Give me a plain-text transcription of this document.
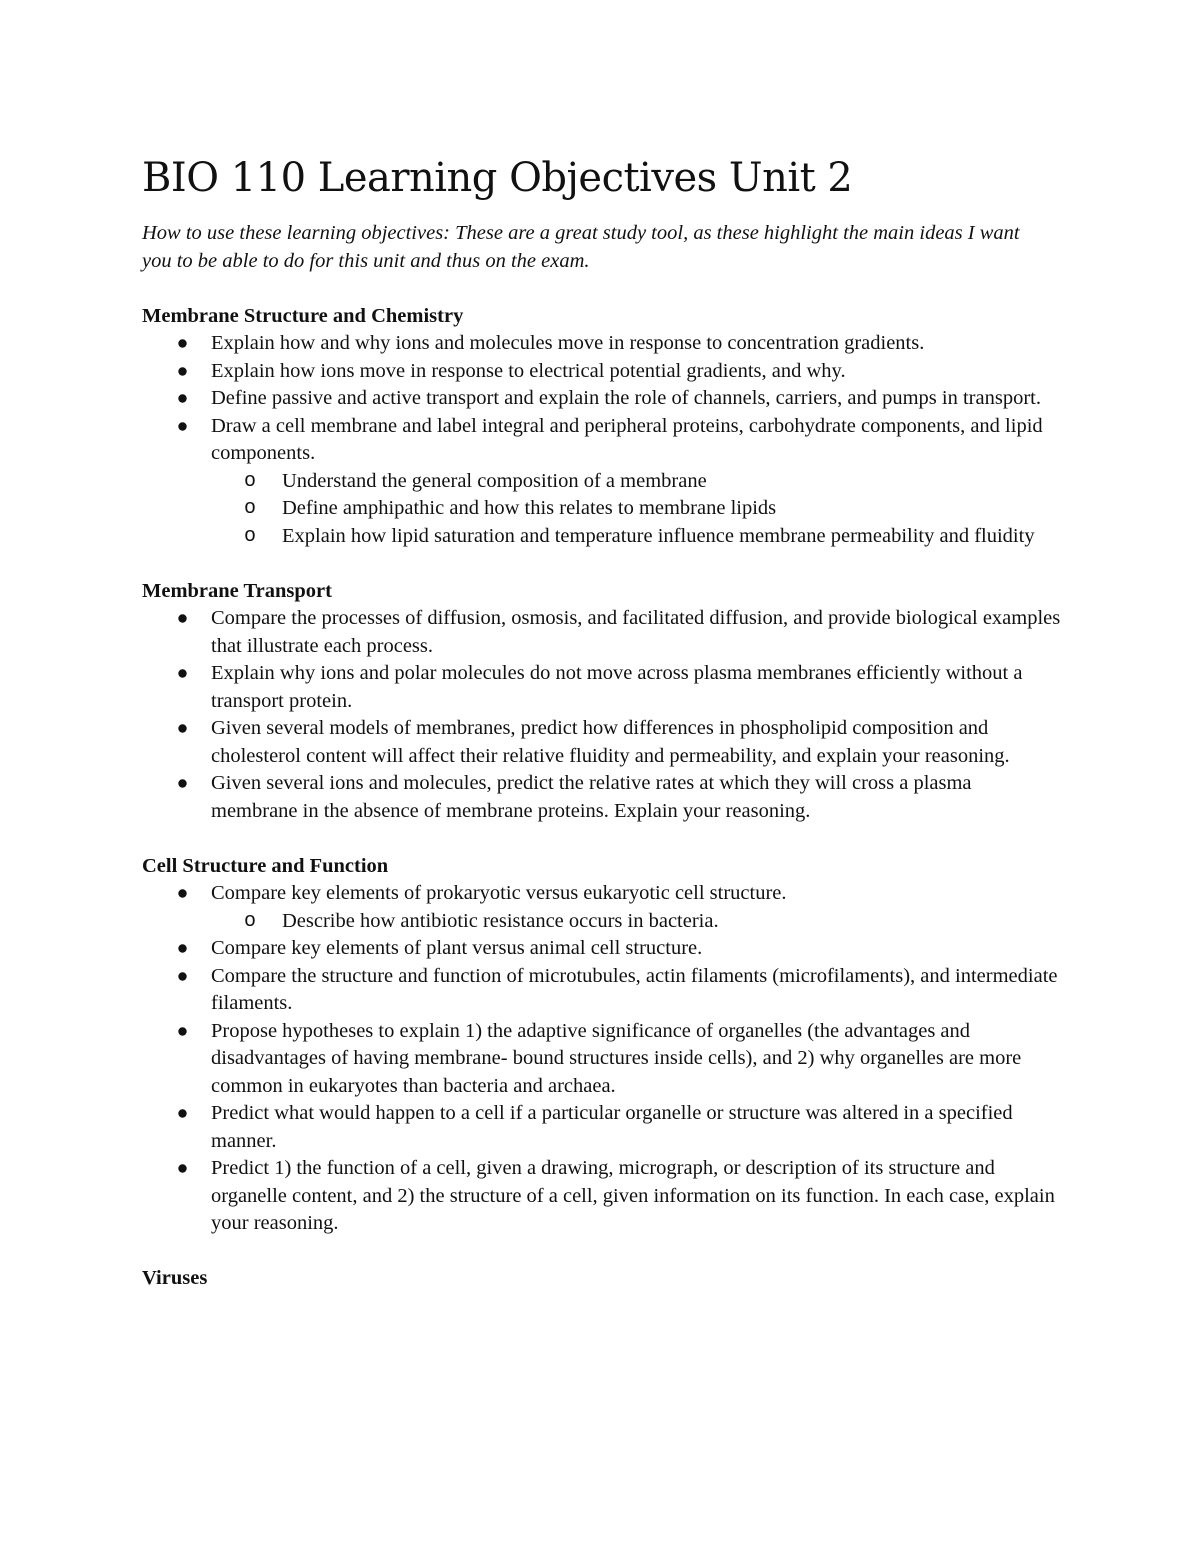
BIO 110 Learning Objectives Unit 2

How to use these learning objectives: These are a great study tool, as these highlight the main ideas I want you to be able to do for this unit and thus on the exam.

Membrane Structure and Chemistry

Explain how and why ions and molecules move in response to concentration gradients.
Explain how ions move in response to electrical potential gradients, and why.
Define passive and active transport and explain the role of channels, carriers, and pumps in transport.
Draw a cell membrane and label integral and peripheral proteins, carbohydrate components, and lipid components.
o Understand the general composition of a membrane
o Define amphipathic and how this relates to membrane lipids
o Explain how lipid saturation and temperature influence membrane permeability and fluidity

Membrane Transport

Compare the processes of diffusion, osmosis, and facilitated diffusion, and provide biological examples that illustrate each process.
Explain why ions and polar molecules do not move across plasma membranes efficiently without a transport protein.
Given several models of membranes, predict how differences in phospholipid composition and cholesterol content will affect their relative fluidity and permeability, and explain your reasoning.
Given several ions and molecules, predict the relative rates at which they will cross a plasma membrane in the absence of membrane proteins. Explain your reasoning.

Cell Structure and Function

Compare key elements of prokaryotic versus eukaryotic cell structure.
o Describe how antibiotic resistance occurs in bacteria.
Compare key elements of plant versus animal cell structure.
Compare the structure and function of microtubules, actin filaments (microfilaments), and intermediate filaments.
Propose hypotheses to explain 1) the adaptive significance of organelles (the advantages and disadvantages of having membrane- bound structures inside cells), and 2) why organelles are more common in eukaryotes than bacteria and archaea.
Predict what would happen to a cell if a particular organelle or structure was altered in a specified manner.
Predict 1) the function of a cell, given a drawing, micrograph, or description of its structure and organelle content, and 2) the structure of a cell, given information on its function. In each case, explain your reasoning.

Viruses
